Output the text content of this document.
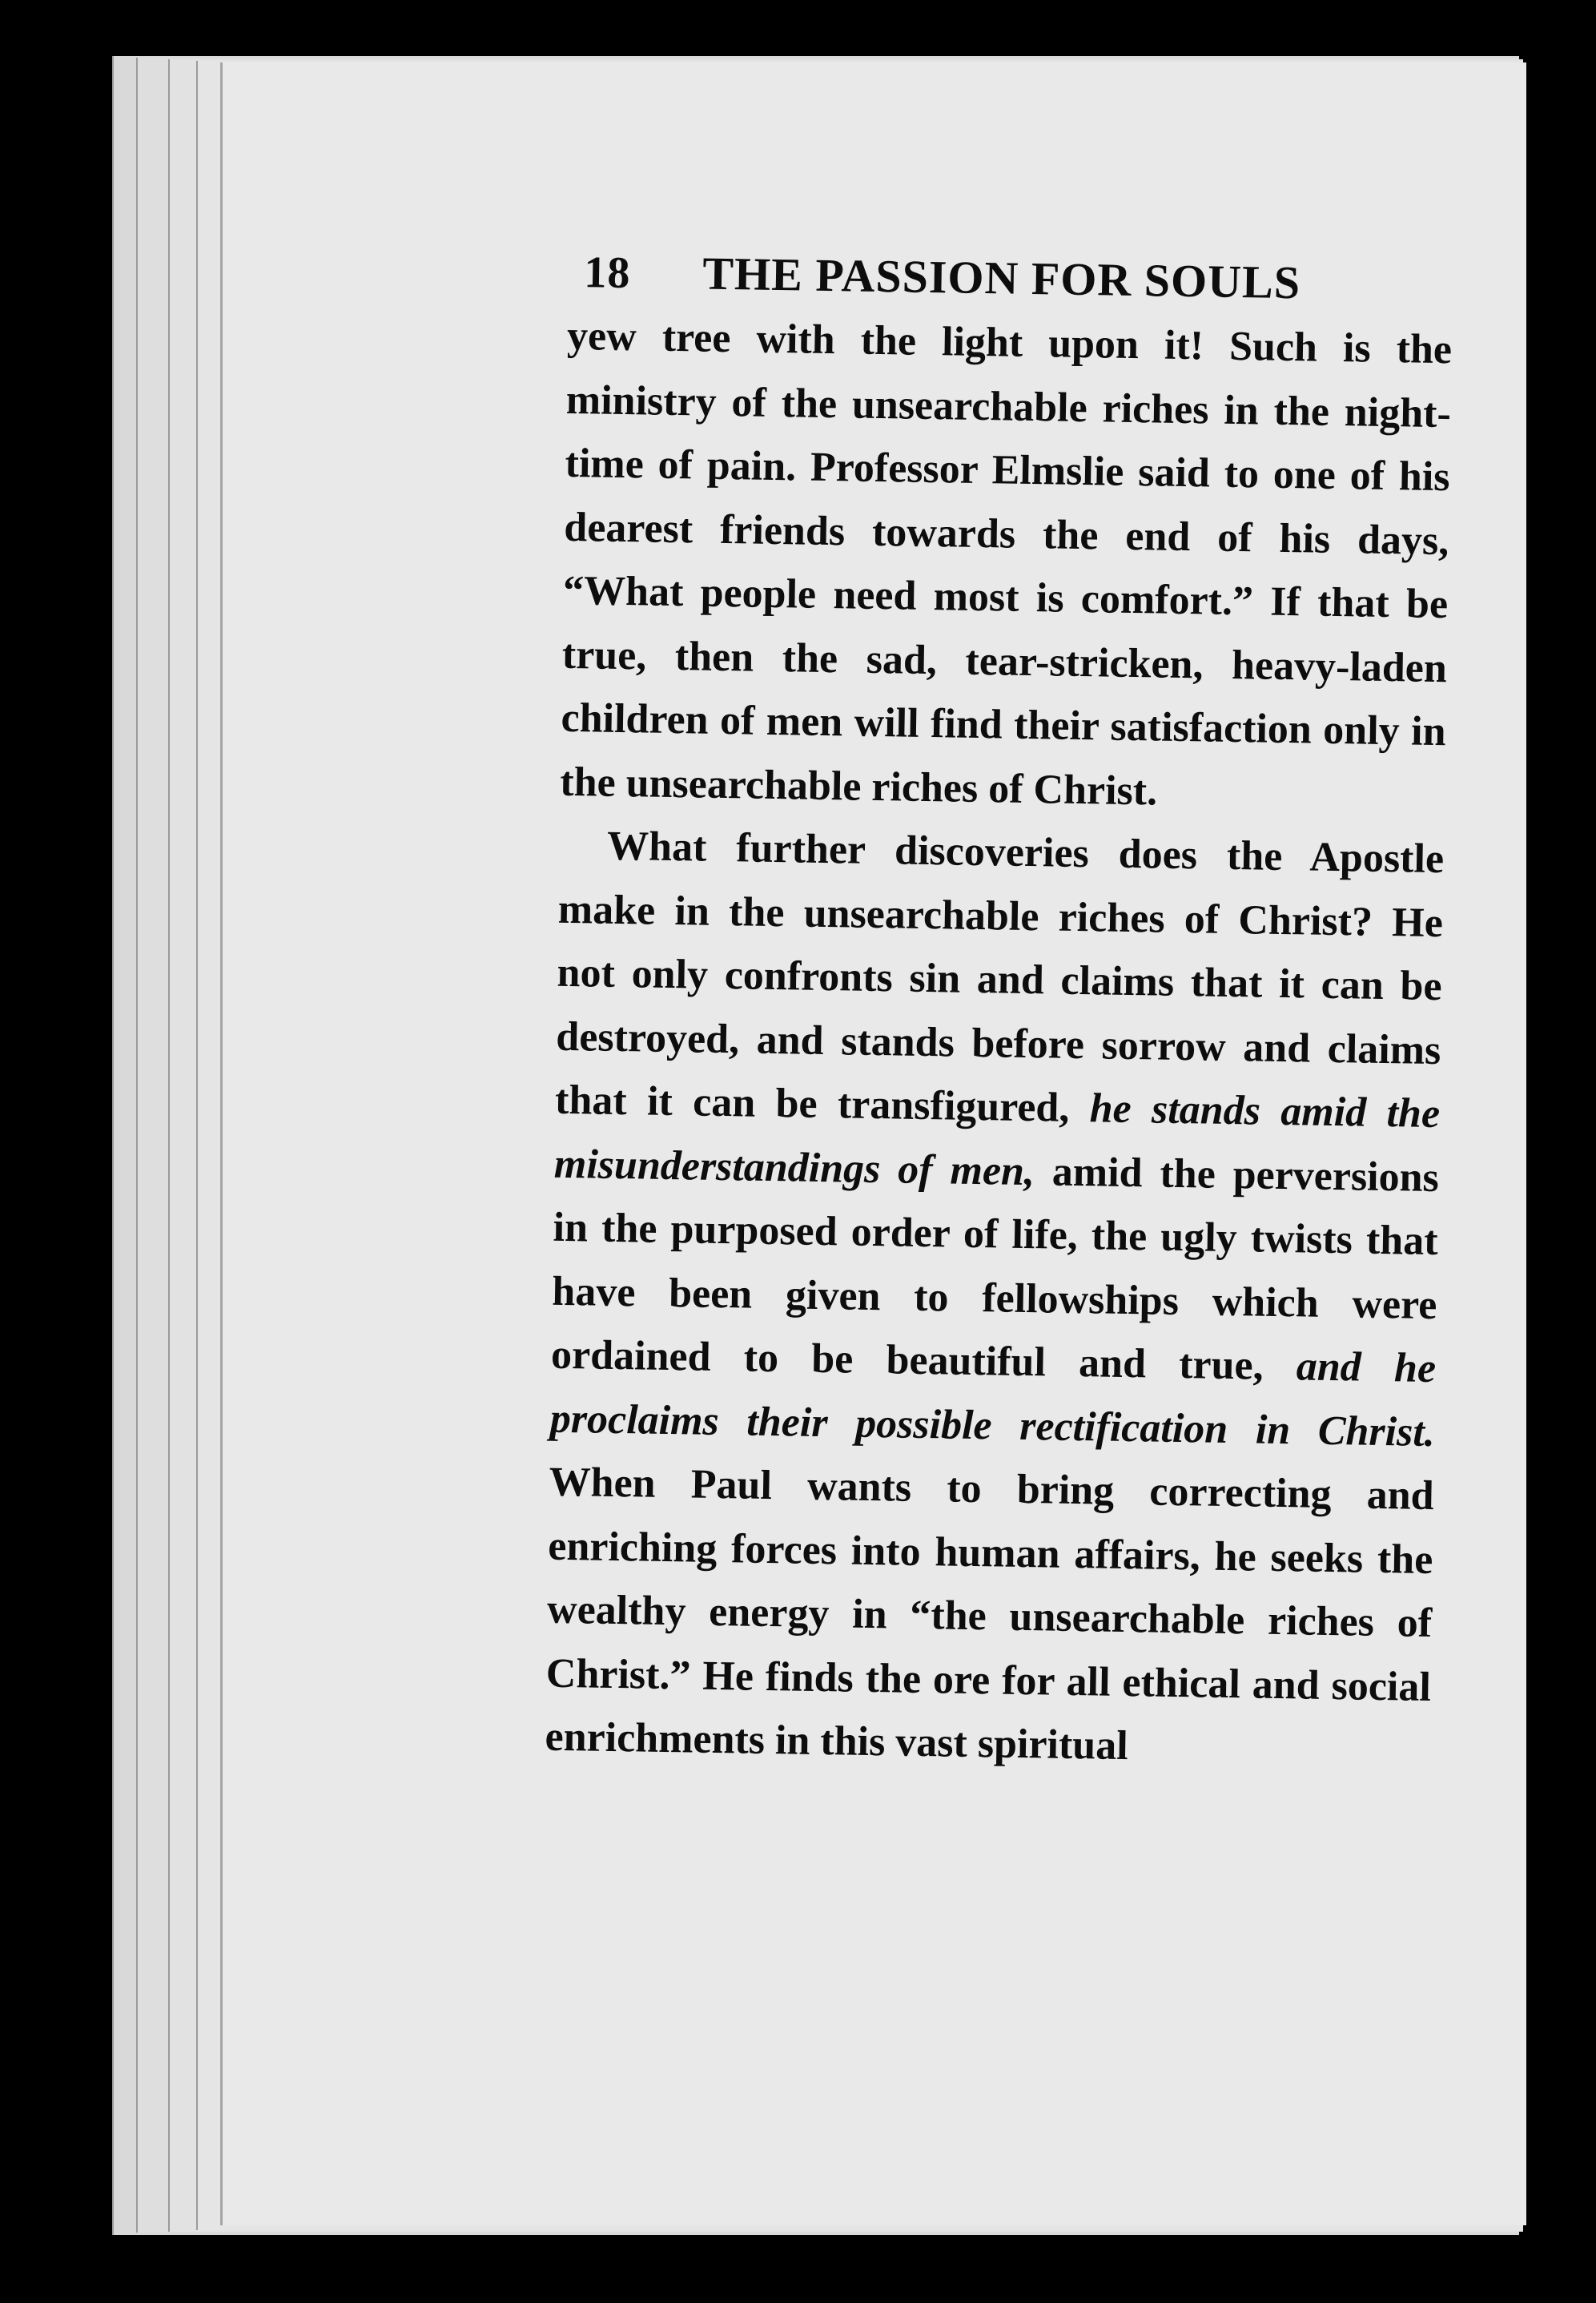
18 THE PASSION FOR SOULS

yew tree with the light upon it! Such is the ministry of the unsearchable riches in the night-time of pain. Professor Elmslie said to one of his dearest friends towards the end of his days, “What people need most is comfort.” If that be true, then the sad, tear-stricken, heavy-laden children of men will find their satisfaction only in the unsearchable riches of Christ.

What further discoveries does the Apostle make in the unsearchable riches of Christ? He not only confronts sin and claims that it can be destroyed, and stands before sorrow and claims that it can be transfigured, he stands amid the misunderstandings of men, amid the perversions in the purposed order of life, the ugly twists that have been given to fellowships which were ordained to be beautiful and true, and he proclaims their possible rectification in Christ. When Paul wants to bring correcting and enriching forces into human affairs, he seeks the wealthy energy in “the unsearchable riches of Christ.” He finds the ore for all ethical and social enrichments in this vast spiritual
